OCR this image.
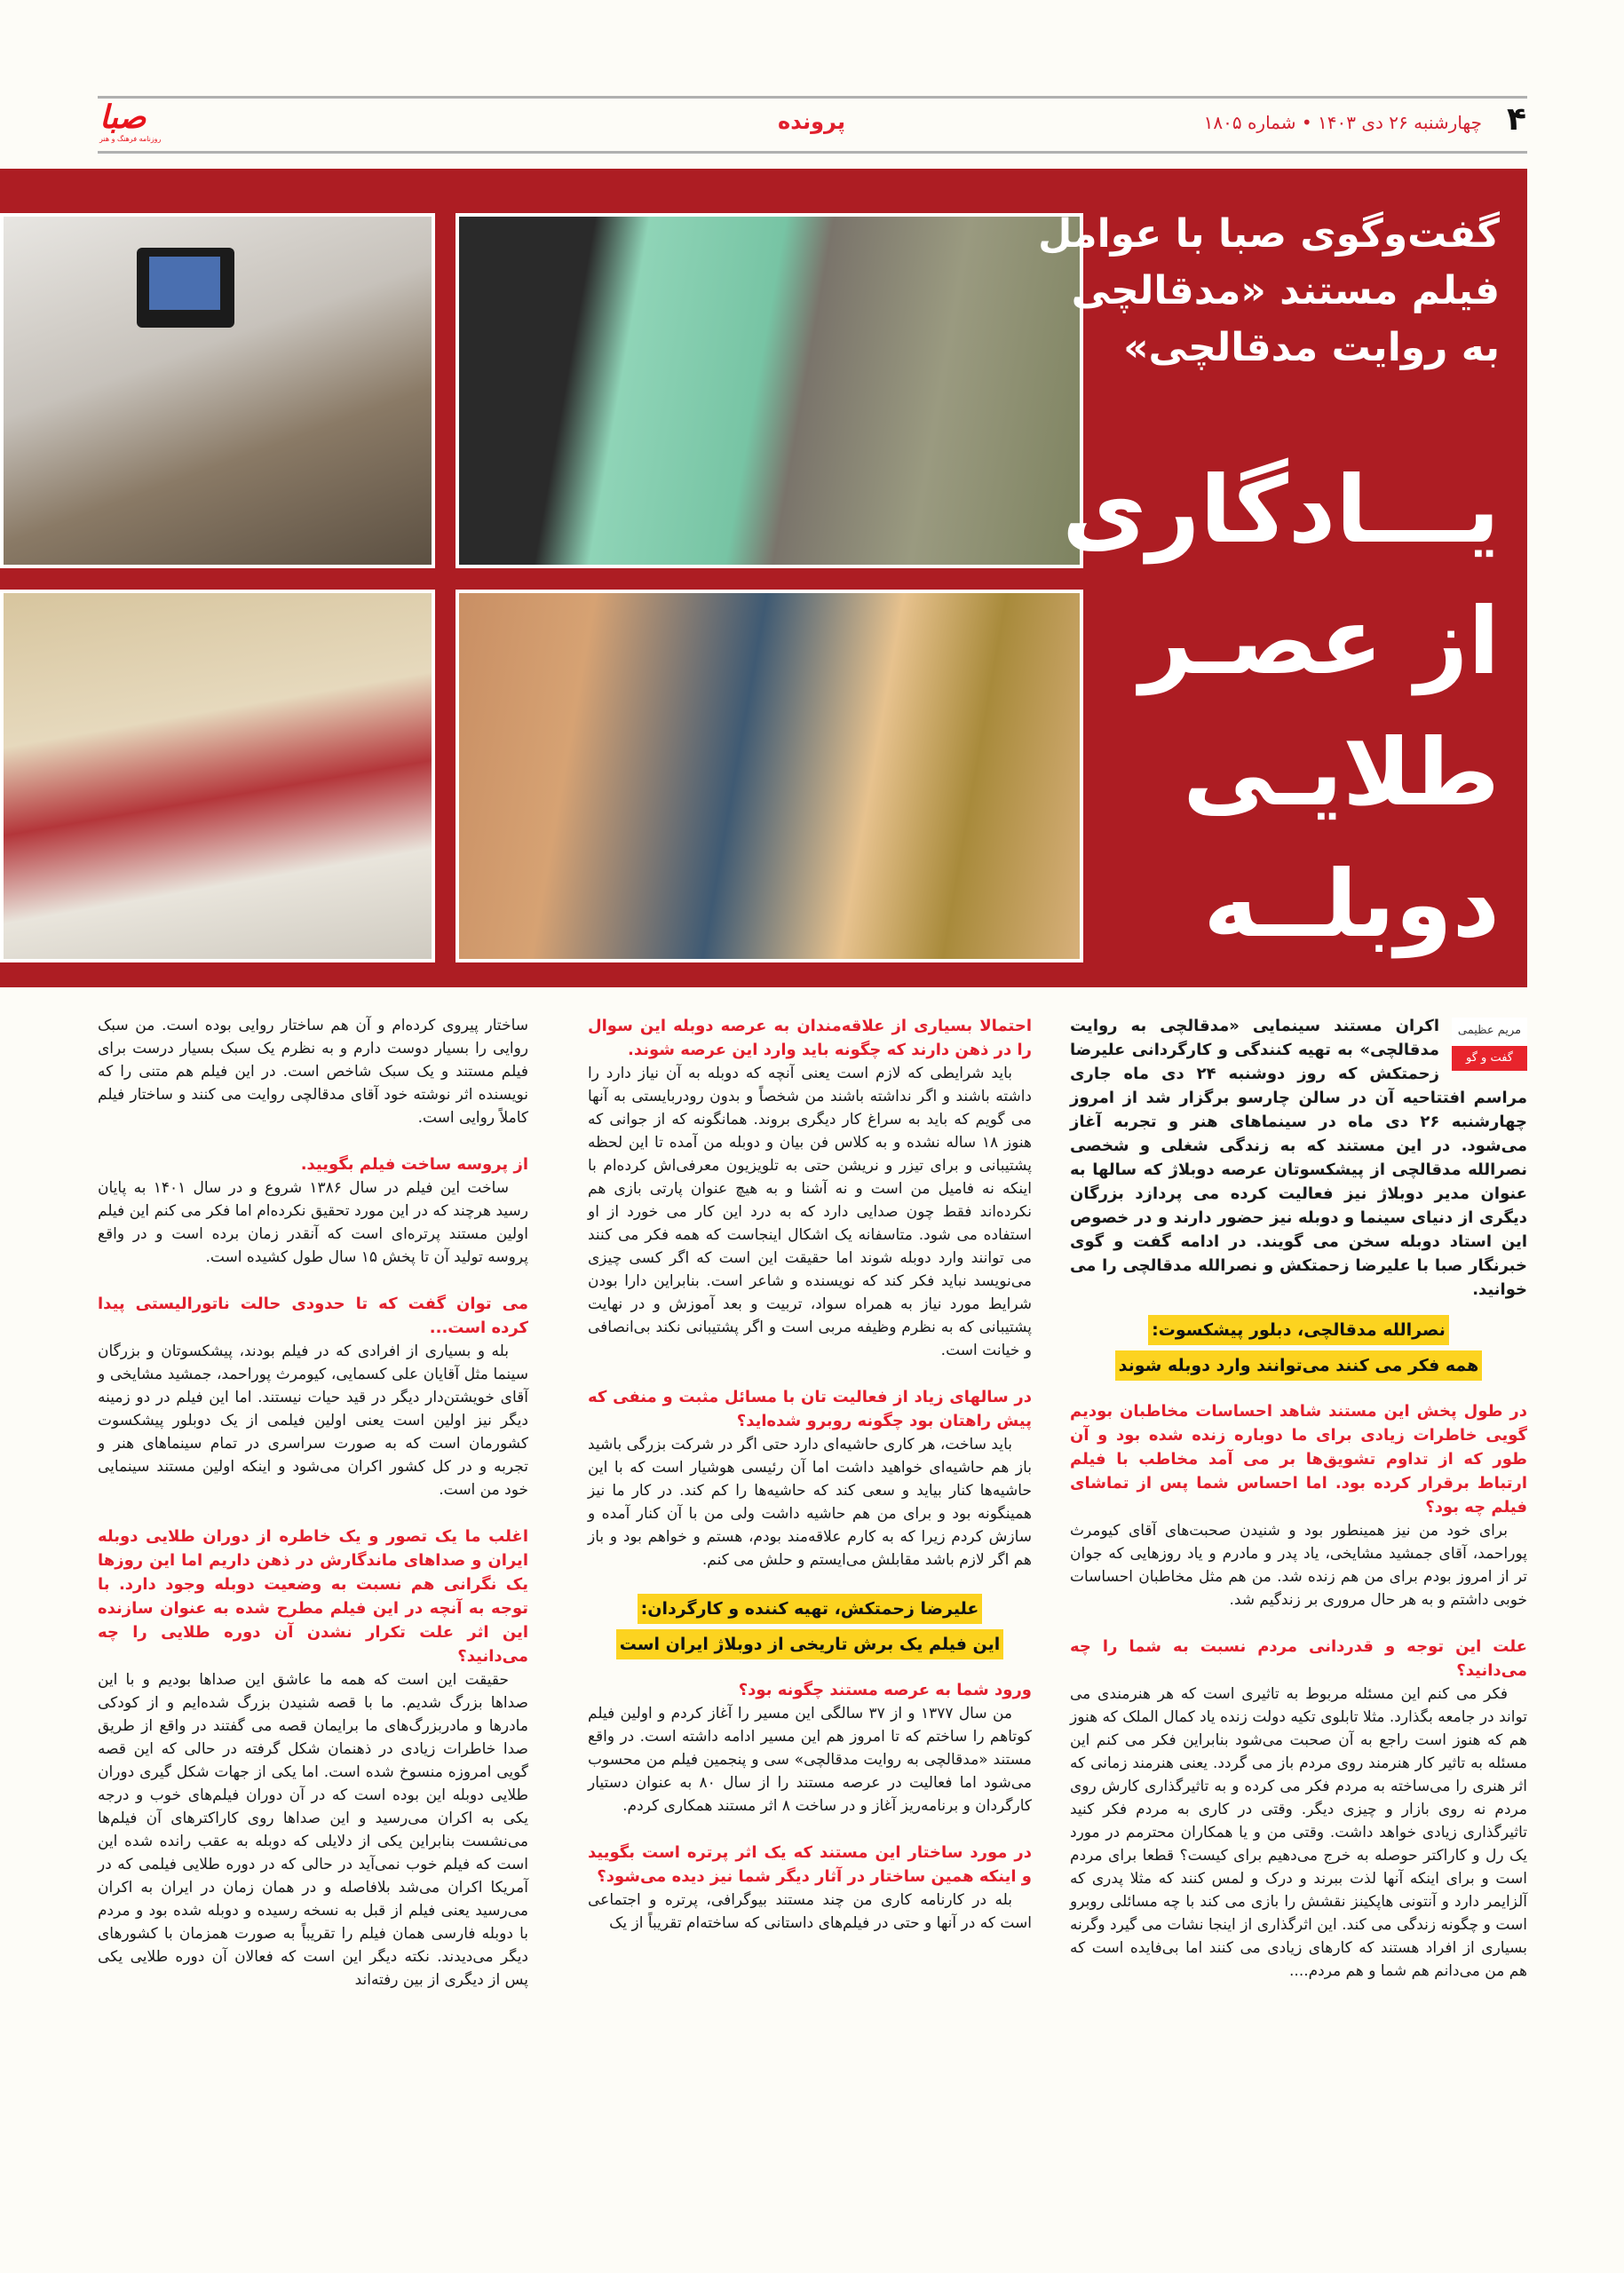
۴
چهارشنبه ۲۶ دی ۱۴۰۳ • شماره ۱۸۰۵
پرونده
صبا
روزنامه فرهنگ و هنر
گفت‌وگوی صبا با عوامل
فیلم مستند «مدقالچی
به روایت مدقالچی»
یـــادگاری
از عصـر
طلایـی
دوبلــه
مریم عظیمی
گفت و گو

اکران مستند سینمایی «مدقالچی به روایت مدقالچی» به تهیه کنندگی و کارگردانی علیرضا زحمتکش که روز دوشنبه ۲۴ دی ماه جاری مراسم افتتاحیه آن در سالن چارسو برگزار شد از امروز چهارشنبه ۲۶ دی ماه در سینماهای هنر و تجربه آغاز می‌شود. در این مستند که به زندگی شغلی و شخصی نصرالله مدقالچی از پیشکسوتان عرصه دوبلاژ که سالها به عنوان مدیر دوبلاژ نیز فعالیت کرده می پردازد بزرگان دیگری از دنیای سینما و دوبله نیز حضور دارند و در خصوص این استاد دوبله سخن می گویند. در ادامه گفت و گوی خبرنگار صبا با علیرضا زحمتکش و نصرالله مدقالچی را می خوانید.

نصرالله مدقالچی، دبلور پیشکسوت:
همه فکر می کنند می‌توانند وارد دوبله شوند

در طول پخش این مستند شاهد احساسات مخاطبان بودیم گویی خاطرات زیادی برای ما دوباره زنده شده بود و آن طور که از تداوم تشویق‌ها بر می آمد مخاطب با فیلم ارتباط برقرار کرده بود. اما احساس شما پس از تماشای فیلم چه بود؟

برای خود من نیز همینطور بود و شنیدن صحبت‌های آقای کیومرث پوراحمد، آقای جمشید مشایخی، یاد پدر و مادرم و یاد روزهایی که جوان تر از امروز بودم برای من هم زنده شد. من هم مثل مخاطبان احساسات خوبی داشتم و به هر حال مروری بر زندگیم شد.

علت این توجه و قدردانی مردم نسبت به شما را چه می‌دانید؟

فکر می کنم این مسئله مربوط به تاثیری است که هر هنرمندی می تواند در جامعه بگذارد. مثلا تابلوی تکیه دولت زنده یاد کمال الملک که هنوز هم که هنوز است راجع به آن صحبت می‌شود بنابراین فکر می کنم این مسئله به تاثیر کار هنرمند روی مردم باز می گردد. یعنی هنرمند زمانی که اثر هنری را می‌ساخته به مردم فکر می کرده و به تاثیرگذاری کارش روی مردم نه روی بازار و چیزی دیگر. وقتی در کاری به مردم فکر کنید تاثیرگذاری زیادی خواهد داشت. وقتی من و یا همکاران محترمم در مورد یک رل و کاراکتر حوصله به خرج می‌دهیم برای کیست؟ قطعا برای مردم است و برای اینکه آنها لذت ببرند و درک و لمس کنند که مثلا پدری که آلزایمر دارد و آنتونی هاپکینز نقشش را بازی می کند با چه مسائلی روبرو است و چگونه زندگی می کند. این اثرگذاری از اینجا نشات می گیرد وگرنه بسیاری از افراد هستند که کارهای زیادی می کنند اما بی‌فایده است که هم من می‌دانم هم شما و هم مردم....

احتمالا بسیاری از علاقه‌مندان به عرصه دوبله این سوال را در ذهن دارند که چگونه باید وارد این عرصه شوند.

باید شرایطی که لازم است یعنی آنچه که دوبله به آن نیاز دارد را داشته باشند و اگر نداشته باشند من شخصاً و بدون رودربایستی به آنها می گویم که باید به سراغ کار دیگری بروند. همانگونه که از جوانی که هنوز ۱۸ ساله نشده و به کلاس فن بیان و دوبله من آمده تا این لحظه پشتیبانی و برای تیزر و نریشن حتی به تلویزیون معرفی‌اش کرده‌ام با اینکه نه فامیل من است و نه آشنا و به هیچ عنوان پارتی بازی هم نکرده‌اند فقط چون صدایی دارد که به درد این کار می خورد از او استفاده می شود. متاسفانه یک اشکال اینجاست که همه فکر می کنند می توانند وارد دوبله شوند اما حقیقت این است که اگر کسی چیزی می‌نویسد نباید فکر کند که نویسنده و شاعر است. بنابراین دارا بودن شرایط مورد نیاز به همراه سواد، تربیت و بعد آموزش و در نهایت پشتیبانی که به نظرم وظیفه مربی است و اگر پشتیبانی نکند بی‌انصافی و خیانت است.

در سالهای زیاد از فعالیت تان با مسائل مثبت و منفی که پیش راهتان بود چگونه روبرو شده‌اید؟

باید ساخت، هر کاری حاشیه‌ای دارد حتی اگر در شرکت بزرگی باشید باز هم حاشیه‌ای خواهید داشت اما آن رئیسی هوشیار است که با این حاشیه‌ها کنار بیاید و سعی کند که حاشیه‌ها را کم کند. در کار ما نیز همینگونه بود و برای من هم حاشیه داشت ولی من با آن کنار آمده و سازش کردم زیرا که به کارم علاقه‌مند بودم، هستم و خواهم بود و باز هم اگر لازم باشد مقابلش می‌ایستم و حلش می کنم.

علیرضا زحمتکش، تهیه کننده و کارگردان:
این فیلم یک برش تاریخی از دوبلاژ ایران است

ورود شما به عرصه مستند چگونه بود؟

من سال ۱۳۷۷ و از ۳۷ سالگی این مسیر را آغاز کردم و اولین فیلم کوتاهم را ساختم که تا امروز هم این مسیر ادامه داشته است. در واقع مستند «مدقالچی به روایت مدقالچی» سی و پنجمین فیلم من محسوب می‌شود اما فعالیت در عرصه مستند را از سال ۸۰ به عنوان دستیار کارگردان و برنامه‌ریز آغاز و در ساخت ۸ اثر مستند همکاری کردم.

در مورد ساختار این مستند که یک اثر پرتره است بگویید و اینکه همین ساختار در آثار دیگر شما نیز دیده می‌شود؟

بله در کارنامه کاری من چند مستند بیوگرافی، پرتره و اجتماعی است که در آنها و حتی در فیلم‌های داستانی که ساخته‌ام تقریباً از یک

ساختار پیروی کرده‌ام و آن هم ساختار روایی بوده است. من سبک روایی را بسیار دوست دارم و به نظرم یک سبک بسیار درست برای فیلم مستند و یک سبک شاخص است. در این فیلم هم متنی را که نویسنده اثر نوشته خود آقای مدقالچی روایت می کنند و ساختار فیلم کاملاً روایی است.

از پروسه ساخت فیلم بگویید.

ساخت این فیلم در سال ۱۳۸۶ شروع و در سال ۱۴۰۱ به پایان رسید هرچند که در این مورد تحقیق نکرده‌ام اما فکر می کنم این فیلم اولین مستند پرتره‌ای است که آنقدر زمان برده است و در واقع پروسه تولید آن تا پخش ۱۵ سال طول کشیده است.

می توان گفت که تا حدودی حالت ناتورالیستی پیدا کرده است...

بله و بسیاری از افرادی که در فیلم بودند، پیشکسوتان و بزرگان سینما مثل آقایان علی کسمایی، کیومرث پوراحمد، جمشید مشایخی و آقای خویشتن‌دار دیگر در قید حیات نیستند. اما این فیلم در دو زمینه دیگر نیز اولین است یعنی اولین فیلمی از یک دوبلور پیشکسوت کشورمان است که به صورت سراسری در تمام سینماهای هنر و تجربه و در کل کشور اکران می‌شود و اینکه اولین مستند سینمایی خود من است.

اغلب ما یک تصور و یک خاطره از دوران طلایی دوبله ایران و صداهای ماندگارش در ذهن داریم اما این روزها یک نگرانی هم نسبت به وضعیت دوبله وجود دارد. با توجه به آنچه در این فیلم مطرح شده به عنوان سازنده این اثر علت تکرار نشدن آن دوره طلایی را چه می‌دانید؟

حقیقت این است که همه ما عاشق این صداها بودیم و با این صداها بزرگ شدیم. ما با قصه شنیدن بزرگ شده‌ایم و از کودکی مادرها و مادربزرگ‌های ما برایمان قصه می گفتند در واقع از طریق صدا خاطرات زیادی در ذهنمان شکل گرفته در حالی که این قصه گویی امروزه منسوخ شده است. اما یکی از جهات شکل گیری دوران طلایی دوبله این بوده است که در آن دوران فیلم‌های خوب و درجه یکی به اکران می‌رسید و این صداها روی کاراکترهای آن فیلم‌ها می‌نشست بنابراین یکی از دلایلی که دوبله به عقب رانده شده این است که فیلم خوب نمی‌آید در حالی که در دوره طلایی فیلمی که در آمریکا اکران می‌شد بلافاصله و در همان زمان در ایران به اکران می‌رسید یعنی فیلم از قبل به نسخه رسیده و دوبله شده بود و مردم با دوبله فارسی همان فیلم را تقریباً به صورت همزمان با کشورهای دیگر می‌دیدند. نکته دیگر این است که فعالان آن دوره طلایی یکی پس از دیگری از بین رفته‌اند
